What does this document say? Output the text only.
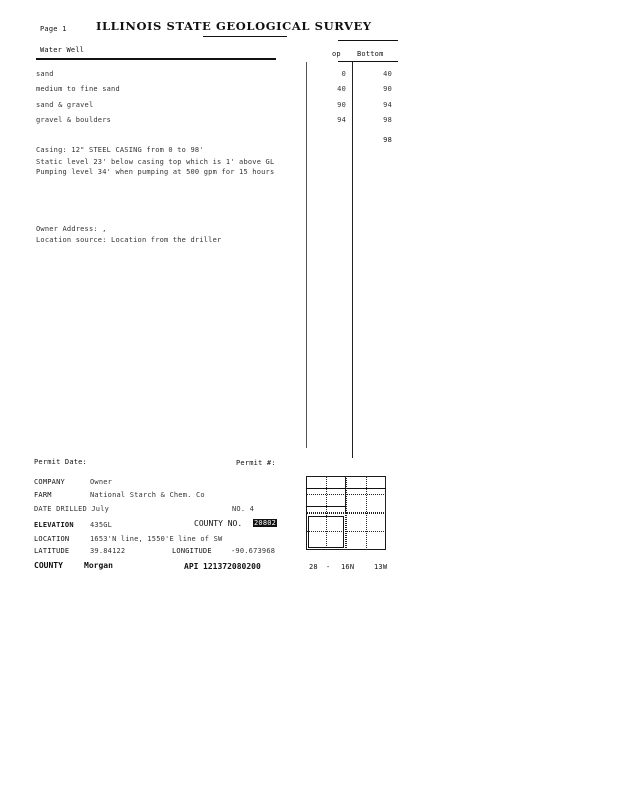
Page 1	ILLINOIS STATE GEOLOGICAL SURVEY
Water Well	op Bottom
sand	0	40
medium to fine sand	40	90
sand & gravel	90	94
gravel & boulders	94	98
98
Casing: 12" STEEL CASING from 0 to 98'
Static level 23' below casing top which is 1' above GL
Pumping level 34' when pumping at 500 gpm for 15 hours
Owner Address: ,
Location source: Location from the driller
Permit Date:	Permit #:
COMPANY	Owner
FARM	National Starch & Chem. Co
DATE DRILLED July	NO. 4
ELEVATION 435GL	COUNTY NO. 20802
LOCATION	1653'N line, 1550'E line of SW
LATITUDE	39.84122	LONGITUDE	-90.673968
COUNTY	Morgan	API 121372080200	28 - 16N	13W
